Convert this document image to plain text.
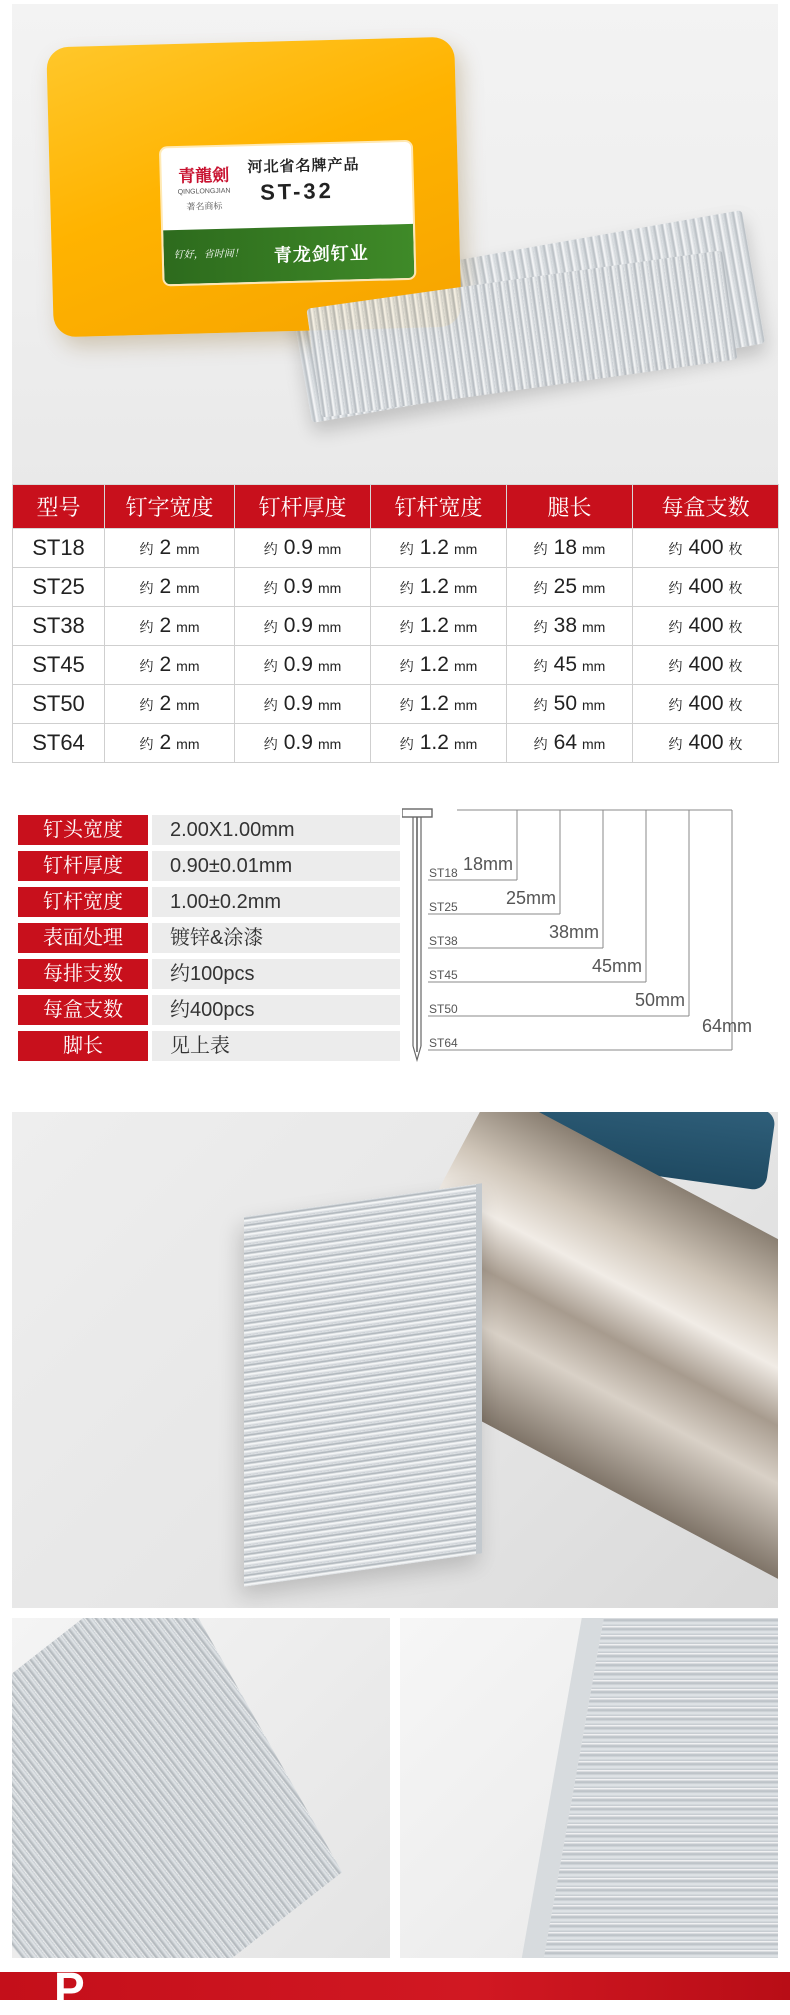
青龍劍
QINGLONGJIAN
著名商标
河北省名牌产品
ST-32
钉好，省时间！ 青龙剑钉业
型号	钉字宽度	钉杆厚度	钉杆宽度	腿长	每盒支数
ST18	约 2 mm	约 0.9 mm	约 1.2 mm	约 18 mm	约 400 枚
ST25	约 2 mm	约 0.9 mm	约 1.2 mm	约 25 mm	约 400 枚
ST38	约 2 mm	约 0.9 mm	约 1.2 mm	约 38 mm	约 400 枚
ST45	约 2 mm	约 0.9 mm	约 1.2 mm	约 45 mm	约 400 枚
ST50	约 2 mm	约 0.9 mm	约 1.2 mm	约 50 mm	约 400 枚
ST64	约 2 mm	约 0.9 mm	约 1.2 mm	约 64 mm	约 400 枚
钉头宽度	2.00X1.00mm
钉杆厚度	0.90±0.01mm
钉杆宽度	1.00±0.2mm
表面处理	镀锌&涂漆
每排支数	约100pcs
每盒支数	约400pcs
脚长	见上表
ST18 18mm
ST25	25mm
ST38	38mm
ST45	45mm
ST50	50mm
ST64
64mm
P
